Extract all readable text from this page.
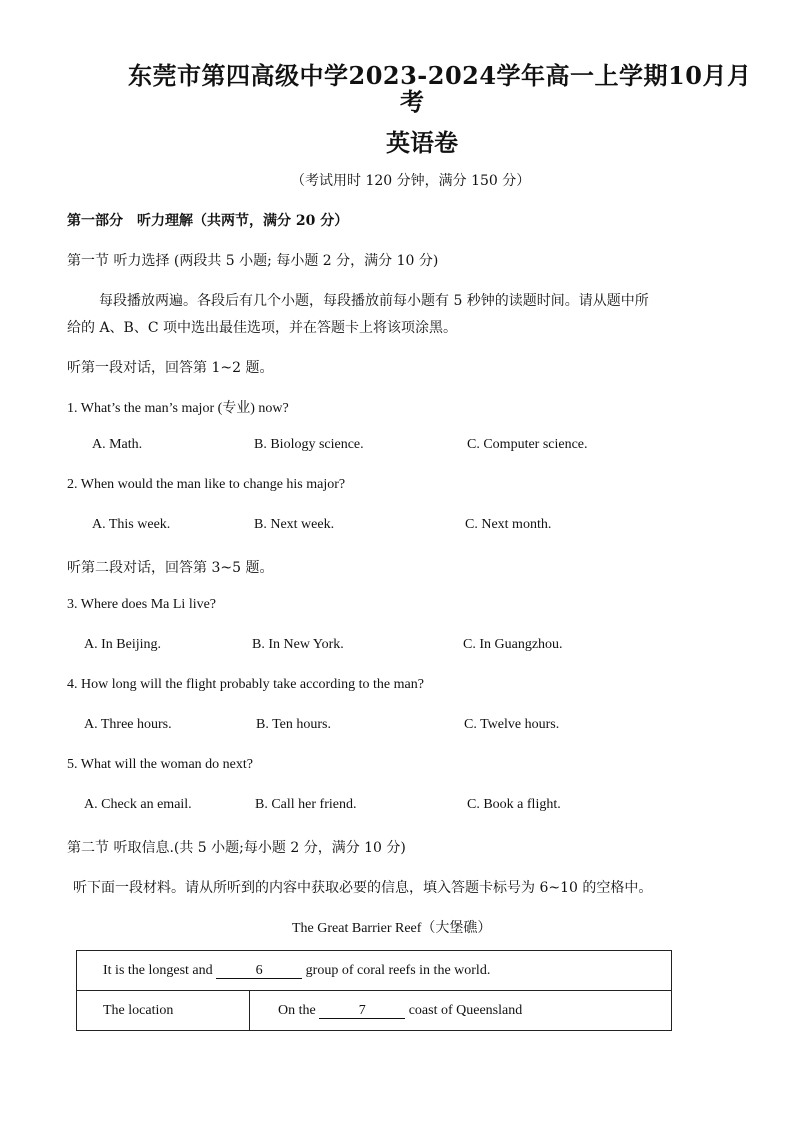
东莞市第四高级中学2023-2024学年高一上学期10月月
考
英语卷
（考试用时 120 分钟，满分 150 分）
第一部分　听力理解（共两节，满分 20 分）
第一节 听力选择 (两段共 5 小题; 每小题 2 分，满分 10 分)
每段播放两遍。各段后有几个小题，每段播放前每小题有 5 秒钟的读题时间。请从题中所
给的 A、B、C 项中选出最佳选项，并在答题卡上将该项涂黑。
听第一段对话，回答第 1~2 题。
1. What’s the man’s major (专业) now?
A. Math.	B. Biology science.	C. Computer science.
2. When would the man like to change his major?
A. This week.	B. Next week.	C. Next month.
听第二段对话，回答第 3~5 题。
3. Where does Ma Li live?
A. In Beijing.	B. In New York.	C. In Guangzhou.
4. How long will the flight probably take according to the man?
A. Three hours.	B. Ten hours.	C. Twelve hours.
5. What will the woman do next?
A. Check an email.	B. Call her friend.	C. Book a flight.
第二节 听取信息.(共 5 小题;每小题 2 分，满分 10 分)
听下面一段材料。请从所听到的内容中获取必要的信息，填入答题卡标号为 6~10 的空格中。
The Great Barrier Reef（大堡礁）
It is the longest and	6	group of coral reefs in the world.
The location	On the	7	coast of Queensland
